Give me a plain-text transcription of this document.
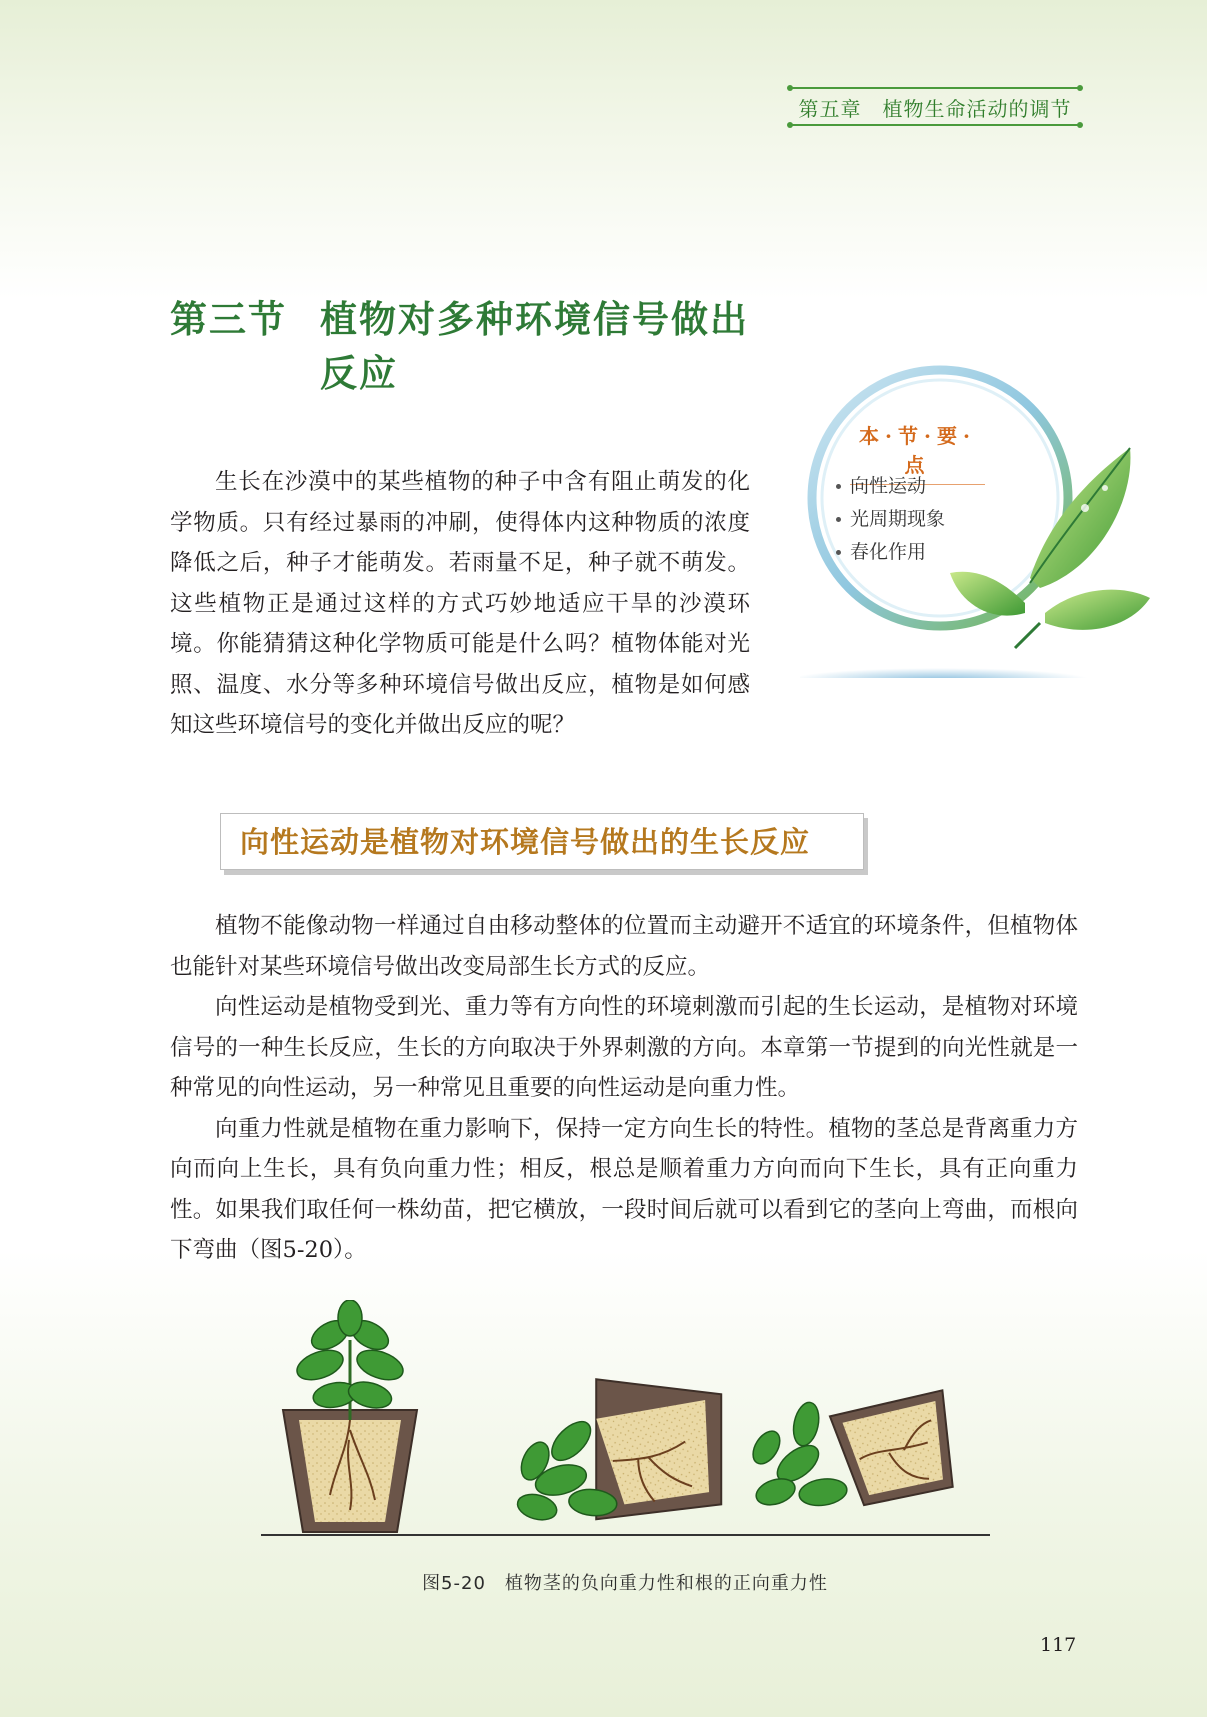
第五章　植物生命活动的调节
第三节 植物对多种环境信号做出反应
本·节·要·点
向性运动
光周期现象
春化作用

生长在沙漠中的某些植物的种子中含有阻止萌发的化学物质。只有经过暴雨的冲刷，使得体内这种物质的浓度降低之后，种子才能萌发。若雨量不足，种子就不萌发。这些植物正是通过这样的方式巧妙地适应干旱的沙漠环境。你能猜猜这种化学物质可能是什么吗？植物体能对光照、温度、水分等多种环境信号做出反应，植物是如何感知这些环境信号的变化并做出反应的呢？

向性运动是植物对环境信号做出的生长反应

植物不能像动物一样通过自由移动整体的位置而主动避开不适宜的环境条件，但植物体也能针对某些环境信号做出改变局部生长方式的反应。

向性运动是植物受到光、重力等有方向性的环境刺激而引起的生长运动，是植物对环境信号的一种生长反应，生长的方向取决于外界刺激的方向。本章第一节提到的向光性就是一种常见的向性运动，另一种常见且重要的向性运动是向重力性。

向重力性就是植物在重力影响下，保持一定方向生长的特性。植物的茎总是背离重力方向而向上生长，具有负向重力性；相反，根总是顺着重力方向而向下生长，具有正向重力性。如果我们取任何一株幼苗，把它横放，一段时间后就可以看到它的茎向上弯曲，而根向下弯曲（图5-20）。

图5-20　植物茎的负向重力性和根的正向重力性
117
